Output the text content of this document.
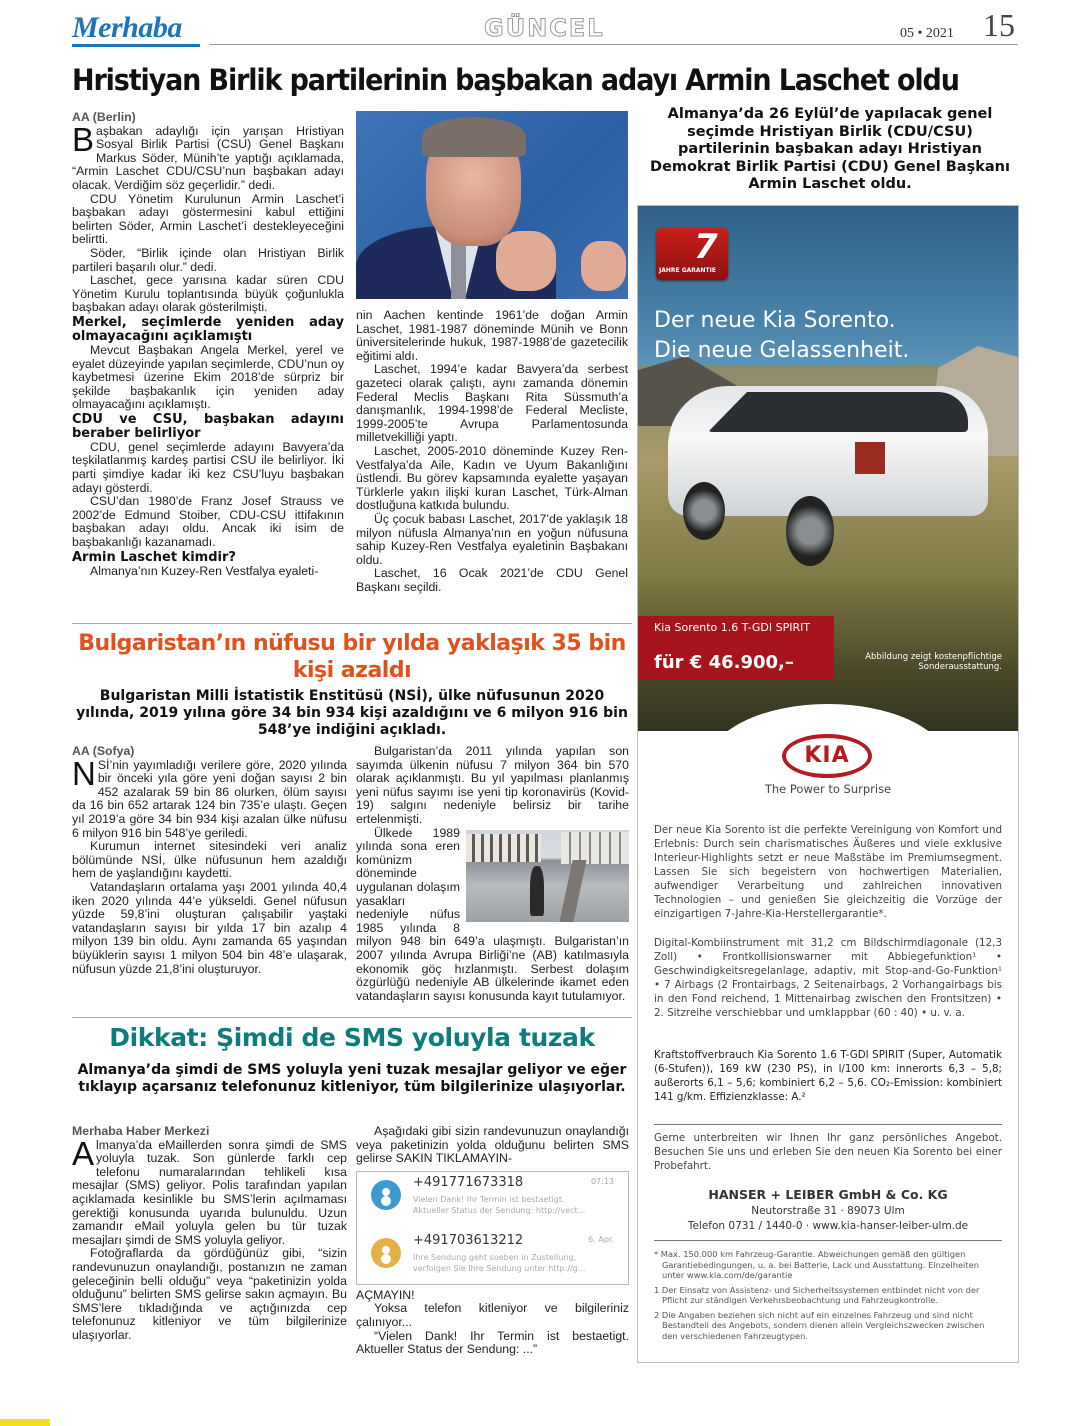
Merhaba	GÜNCEL	05 • 2021 15
Hristiyan Birlik partilerinin başbakan adayı Armin Laschet oldu
Almanya’da 26 Eylül’de yapılacak genel seçimde Hristiyan Birlik (CDU/CSU) partilerinin başbakan adayı Hristiyan Demokrat Birlik Partisi (CDU) Genel Başkanı Armin Laschet oldu.
AA (Berlin)

Başbakan adaylığı için yarışan Hristiyan Sosyal Birlik Partisi (CSU) Genel Başkanı Markus Söder, Münih’te yaptığı açıklamada, “Armin Laschet CDU/CSU’nun başbakan adayı olacak. Verdiğim söz geçerlidir.” dedi.

CDU Yönetim Kurulunun Armin Laschet’i başbakan adayı göstermesini kabul ettiğini belirten Söder, Armin Laschet’i destekleyeceğini belirtti.

Söder, “Birlik içinde olan Hristiyan Birlik partileri başarılı olur.” dedi.

Laschet, gece yarısına kadar süren CDU Yönetim Kurulu toplantısında büyük çoğunlukla başbakan adayı olarak gösterilmişti.

Merkel, seçimlerde yeniden aday olmayacağını açıklamıştı

Mevcut Başbakan Angela Merkel, yerel ve eyalet düzeyinde yapılan seçimlerde, CDU’nun oy kaybetmesi üzerine Ekim 2018’de sürpriz bir şekilde başbakanlık için yeniden aday olmayacağını açıklamıştı.

CDU ve CSU, başbakan adayını beraber belirliyor

CDU, genel seçimlerde adayını Bavyera’da teşkilatlanmış kardeş partisi CSU ile belirliyor. İki parti şimdiye kadar iki kez CSU’luyu başbakan adayı gösterdi.

CSU’dan 1980’de Franz Josef Strauss ve 2002’de Edmund Stoiber, CDU-CSU ittifakının başbakan adayı oldu. Ancak iki isim de başbakanlığı kazanamadı.

Armin Laschet kimdir?

Almanya’nın Kuzey-Ren Vestfalya eyaleti-

nin Aachen kentinde 1961’de doğan Armin Laschet, 1981-1987 döneminde Münih ve Bonn üniversitelerinde hukuk, 1987-1988’de gazetecilik eğitimi aldı.

Laschet, 1994’e kadar Bavyera’da serbest gazeteci olarak çalıştı, aynı zamanda dönemin Federal Meclis Başkanı Rita Süssmuth’a danışmanlık, 1994-1998’de Federal Mecliste, 1999-2005’te Avrupa Parlamentosunda milletvekilliği yaptı.

Laschet, 2005-2010 döneminde Kuzey Ren-Vestfalya’da Aile, Kadın ve Uyum Bakanlığını üstlendi. Bu görev kapsamında eyalette yaşayan Türklerle yakın ilişki kuran Laschet, Türk-Alman dostluğuna katkıda bulundu.

Üç çocuk babası Laschet, 2017’de yaklaşık 18 milyon nüfusla Almanya’nın en yoğun nüfusuna sahip Kuzey-Ren Vestfalya eyaletinin Başbakanı oldu.

Laschet, 16 Ocak 2021’de CDU Genel Başkanı seçildi.

Bulgaristan’ın nüfusu bir yılda yaklaşık 35 bin kişi azaldı
Bulgaristan Milli İstatistik Enstitüsü (NSİ), ülke nüfusunun 2020 yılında, 2019 yılına göre 34 bin 934 kişi azaldığını ve 6 milyon 916 bin 548’ye indiğini açıkladı.
AA (Sofya)

NSİ’nin yayımladığı verilere göre, 2020 yılında bir önceki yıla göre yeni doğan sayısı 2 bin 452 azalarak 59 bin 86 olurken, ölüm sayısı da 16 bin 652 artarak 124 bin 735’e ulaştı. Geçen yıl 2019’a göre 34 bin 934 kişi azalan ülke nüfusu 6 milyon 916 bin 548’ye geriledi.

Kurumun internet sitesindeki veri analiz bölümünde NSİ, ülke nüfusunun hem azaldığı hem de yaşlandığını kaydetti.

Vatandaşların ortalama yaşı 2001 yılında 40,4 iken 2020 yılında 44’e yükseldi. Genel nüfusun yüzde 59,8’ini oluşturan çalışabilir yaştaki vatandaşların sayısı bir yılda 17 bin azalıp 4 milyon 139 bin oldu. Aynı zamanda 65 yaşından büyüklerin sayısı 1 milyon 504 bin 48’e ulaşarak, nüfusun yüzde 21,8’ini oluşturuyor.

Bulgaristan’da 2011 yılında yapılan son sayımda ülkenin nüfusu 7 milyon 364 bin 570 olarak açıklanmıştı. Bu yıl yapılması planlanmış yeni nüfus sayımı ise yeni tip koronavirüs (Kovid-19) salgını nedeniyle belirsiz bir tarihe ertelenmişti.

Ülkede 1989 yılında sona eren komünizm döneminde uygulanan dolaşım yasakları nedeniyle nüfus 1985 yılında 8 milyon 948 bin 649’a ulaşmıştı. Bulgaristan’ın 2007 yılında Avrupa Birliği’ne (AB) katılmasıyla ekonomik göç hızlanmıştı. Serbest dolaşım özgürlüğü nedeniyle AB ülkelerinde ikamet eden vatandaşların sayısı konusunda kayıt tutulamıyor.

Dikkat: Şimdi de SMS yoluyla tuzak
Almanya’da şimdi de SMS yoluyla yeni tuzak mesajlar geliyor ve eğer tıklayıp açarsanız telefonunuz kitleniyor, tüm bilgilerinize ulaşıyorlar.
Merhaba Haber Merkezi

Almanya’da eMaillerden sonra şimdi de SMS yoluyla tuzak. Son günlerde farklı cep telefonu numaralarından tehlikeli kısa mesajlar (SMS) geliyor. Polis tarafından yapılan açıklamada kesinlikle bu SMS’lerin açılmaması gerektiği konusunda uyarıda bulunuldu. Uzun zamandır eMail yoluyla gelen bu tür tuzak mesajları şimdi de SMS yoluyla geliyor.

Fotoğraflarda da gördüğünüz gibi, “sizin randevunuzun onaylandığı, postanızın ne zaman geleceğinin belli olduğu” veya “paketinizin yolda olduğunu” belirten SMS gelirse sakın açmayın. Bu SMS’lere tıkladığında ve açtığınızda cep telefonunuz kitleniyor ve tüm bilgilerinize ulaşıyorlar.

Aşağıdaki gibi sizin randevunuzun onaylandığı veya paketinizin yolda olduğunu belirten SMS gelirse SAKIN TIKLAMAYIN-

+491771673318	07:13
Vielen Dank! Ihr Termin ist bestaetigt.
Aktueller Status der Sendung: http://vect...
+491703613212	6. Apr.
Ihre Sendung geht soeben in Zustellung,
verfolgen Sie Ihre Sendung unter http://g...

AÇMAYIN!

Yoksa telefon kitleniyor ve bilgileriniz çalınıyor...

“Vielen Dank! Ihr Termin ist bestaetigt. Aktueller Status der Sendung: ...”

7
JAHRE GARANTIE
Der neue Kia Sorento.
Die neue Gelassenheit.
Kia Sorento 1.6 T-GDI SPIRIT
für € 46.900,–	Abbildung zeigt kostenpflichtige Sonderausstattung.
KIA
The Power to Surprise
Der neue Kia Sorento ist die perfekte Vereinigung von Komfort und Erlebnis: Durch sein charismatisches Äußeres und viele exklusive Interieur-Highlights setzt er neue Maßstäbe im Premiumsegment. Lassen Sie sich begeistern von hochwertigen Materialien, aufwendiger Verarbeitung und zahlreichen innovativen Technologien – und genießen Sie gleichzeitig die Vorzüge der einzigartigen 7-Jahre-Kia-Herstellergarantie*.
Digital-Kombiinstrument mit 31,2 cm Bildschirmdiagonale (12,3 Zoll) • Frontkollisionswarner mit Abbiegefunktion¹ • Geschwindigkeitsregelanlage, adaptiv, mit Stop-and-Go-Funktion¹ • 7 Airbags (2 Frontairbags, 2 Seitenairbags, 2 Vorhangairbags bis in den Fond reichend, 1 Mittenairbag zwischen den Frontsitzen) • 2. Sitzreihe verschiebbar und umklappbar (60 : 40) • u. v. a.
Kraftstoffverbrauch Kia Sorento 1.6 T-GDI SPIRIT (Super, Automatik (6-Stufen)), 169 kW (230 PS), in l/100 km: innerorts 6,3 – 5,8; außerorts 6,1 – 5,6; kombiniert 6,2 – 5,6. CO₂-Emission: kombiniert 141 g/km. Effizienzklasse: A.²
Gerne unterbreiten wir Ihnen Ihr ganz persönliches Angebot. Besuchen Sie uns und erleben Sie den neuen Kia Sorento bei einer Probefahrt.
HANSER + LEIBER GmbH & Co. KG
Neutorstraße 31 · 89073 Ulm
Telefon 0731 / 1440-0 · www.kia-hanser-leiber-ulm.de

* Max. 150.000 km Fahrzeug-Garantie. Abweichungen gemäß den gültigen Garantiebedingungen, u. a. bei Batterie, Lack und Ausstattung. Einzelheiten unter www.kia.com/de/garantie

1 Der Einsatz von Assistenz- und Sicherheitssystemen entbindet nicht von der Pflicht zur ständigen Verkehrsbeobachtung und Fahrzeugkontrolle.

2 Die Angaben beziehen sich nicht auf ein einzelnes Fahrzeug und sind nicht Bestandteil des Angebots, sondern dienen allein Vergleichszwecken zwischen den verschiedenen Fahrzeugtypen.
